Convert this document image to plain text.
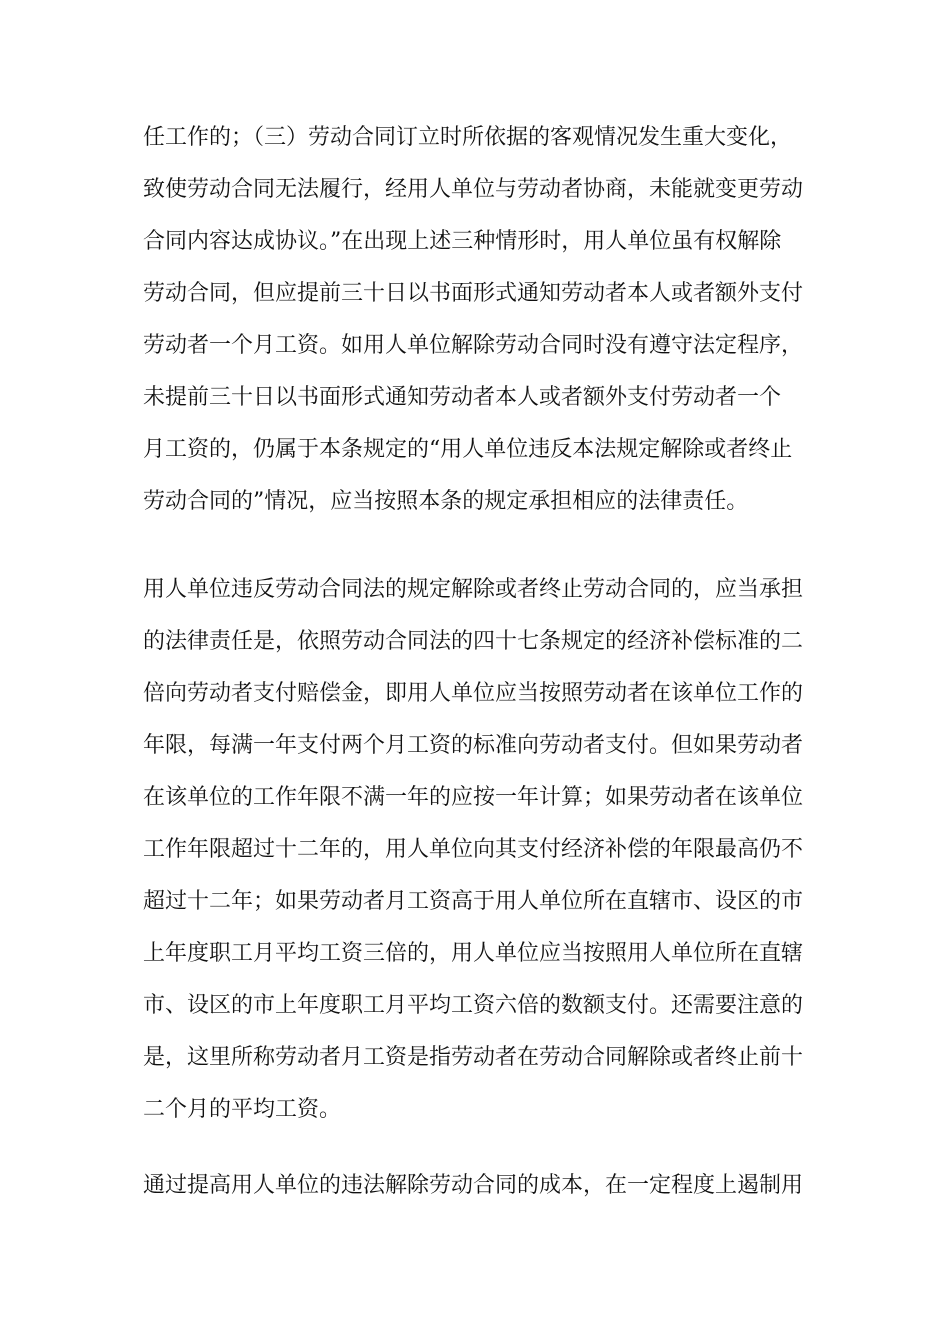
任工作的；（三）劳动合同订立时所依据的客观情况发生重大变化，
致使劳动合同无法履行，经用人单位与劳动者协商，未能就变更劳动
合同内容达成协议。”在出现上述三种情形时，用人单位虽有权解除
劳动合同，但应提前三十日以书面形式通知劳动者本人或者额外支付
劳动者一个月工资。如用人单位解除劳动合同时没有遵守法定程序，
未提前三十日以书面形式通知劳动者本人或者额外支付劳动者一个
月工资的，仍属于本条规定的“用人单位违反本法规定解除或者终止
劳动合同的”情况，应当按照本条的规定承担相应的法律责任。
用人单位违反劳动合同法的规定解除或者终止劳动合同的，应当承担
的法律责任是，依照劳动合同法的四十七条规定的经济补偿标准的二
倍向劳动者支付赔偿金，即用人单位应当按照劳动者在该单位工作的
年限，每满一年支付两个月工资的标准向劳动者支付。但如果劳动者
在该单位的工作年限不满一年的应按一年计算；如果劳动者在该单位
工作年限超过十二年的，用人单位向其支付经济补偿的年限最高仍不
超过十二年；如果劳动者月工资高于用人单位所在直辖市、设区的市
上年度职工月平均工资三倍的，用人单位应当按照用人单位所在直辖
市、设区的市上年度职工月平均工资六倍的数额支付。还需要注意的
是，这里所称劳动者月工资是指劳动者在劳动合同解除或者终止前十
二个月的平均工资。
通过提高用人单位的违法解除劳动合同的成本，在一定程度上遏制用
